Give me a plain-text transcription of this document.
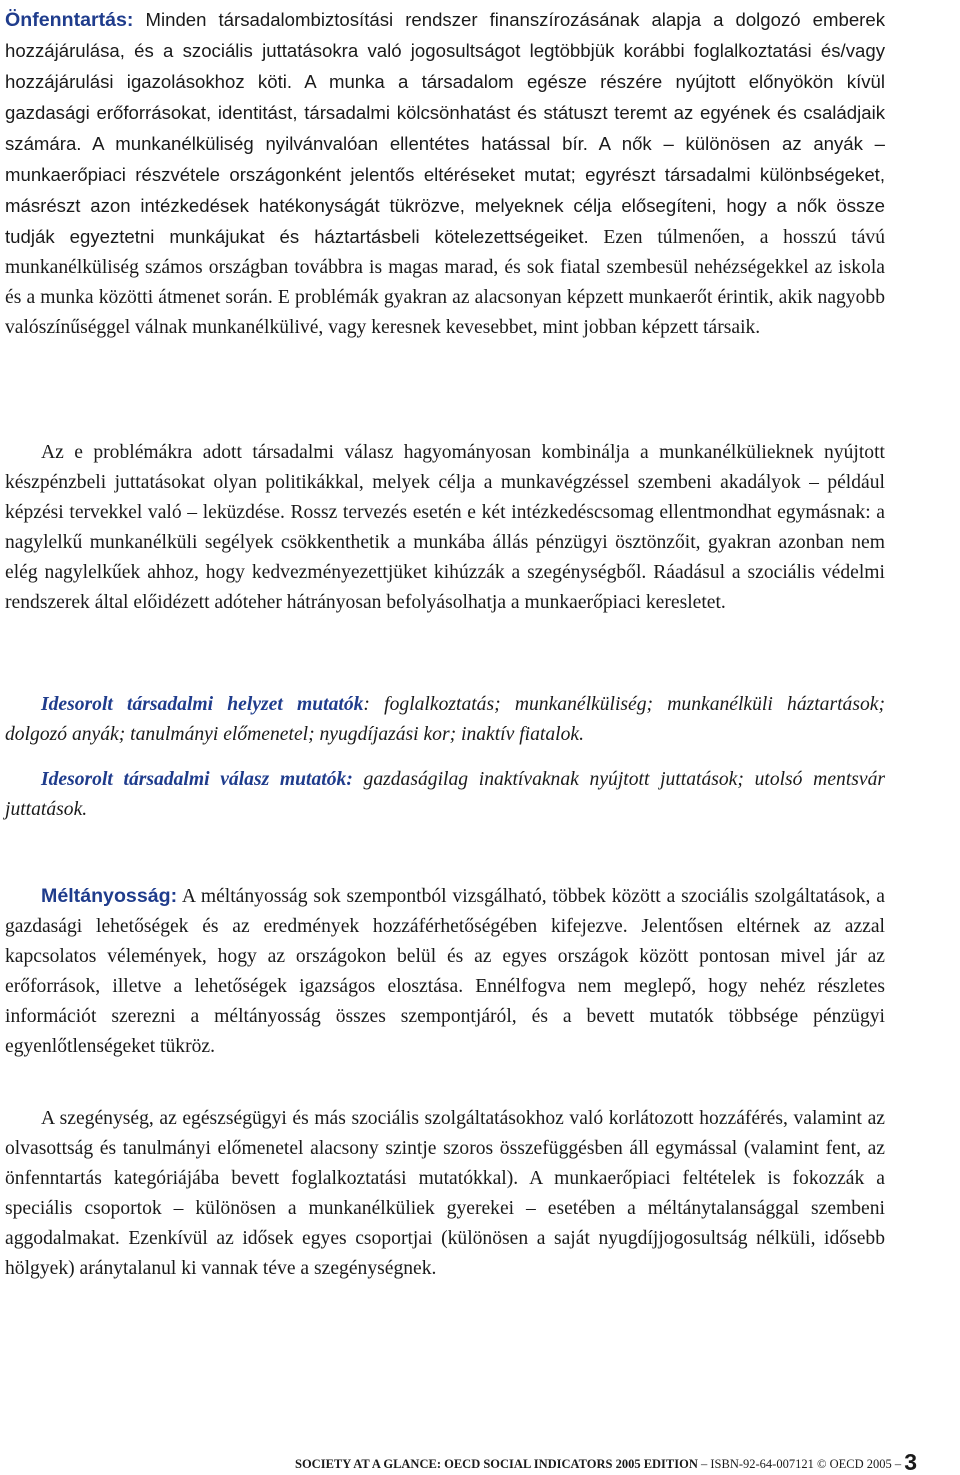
Önfenntartás: Minden társadalombiztosítási rendszer finanszírozásának alapja a dolgozó emberek hozzájárulása, és a szociális juttatásokra való jogosultságot legtöbbjük korábbi foglalkoztatási és/vagy hozzájárulási igazolásokhoz köti. A munka a társadalom egésze részére nyújtott előnyökön kívül gazdasági erőforrásokat, identitást, társadalmi kölcsönhatást és státuszt teremt az egyének és családjaik számára. A munkanélküliség nyilvánvalóan ellentétes hatással bír. A nők – különösen az anyák – munkaerőpiaci részvétele országonként jelentős eltéréseket mutat; egyrészt társadalmi különbségeket, másrészt azon intézkedések hatékonyságát tükrözve, melyeknek célja elősegíteni, hogy a nők össze tudják egyeztetni munkájukat és háztartásbeli kötelezettségeiket. Ezen túlmenően, a hosszú távú munkanélküliség számos országban továbbra is magas marad, és sok fiatal szembesül nehézségekkel az iskola és a munka közötti átmenet során. E problémák gyakran az alacsonyan képzett munkaerőt érintik, akik nagyobb valószínűséggel válnak munkanélkülivé, vagy keresnek kevesebbet, mint jobban képzett társaik.

Az e problémákra adott társadalmi válasz hagyományosan kombinálja a munkanélkülieknek nyújtott készpénzbeli juttatásokat olyan politikákkal, melyek célja a munkavégzéssel szembeni akadályok – például képzési tervekkel való – leküzdése. Rossz tervezés esetén e két intézkedéscsomag ellentmondhat egymásnak: a nagylelkű munkanélküli segélyek csökkenthetik a munkába állás pénzügyi ösztönzőit, gyakran azonban nem elég nagylelkűek ahhoz, hogy kedvezményezettjüket kihúzzák a szegénységből. Ráadásul a szociális védelmi rendszerek által előidézett adóteher hátrányosan befolyásolhatja a munkaerőpiaci keresletet.

Idesorolt társadalmi helyzet mutatók: foglalkoztatás; munkanélküliség; munkanélküli háztartások; dolgozó anyák; tanulmányi előmenetel; nyugdíjazási kor; inaktív fiatalok.

Idesorolt társadalmi válasz mutatók: gazdaságilag inaktívaknak nyújtott juttatások; utolsó mentsvár juttatások.

Méltányosság: A méltányosság sok szempontból vizsgálható, többek között a szociális szolgáltatások, a gazdasági lehetőségek és az eredmények hozzáférhetőségében kifejezve. Jelentősen eltérnek az azzal kapcsolatos vélemények, hogy az országokon belül és az egyes országok között pontosan mivel jár az erőforrások, illetve a lehetőségek igazságos elosztása. Ennélfogva nem meglepő, hogy nehéz részletes információt szerezni a méltányosság összes szempontjáról, és a bevett mutatók többsége pénzügyi egyenlőtlenségeket tükröz.

A szegénység, az egészségügyi és más szociális szolgáltatásokhoz való korlátozott hozzáférés, valamint az olvasottság és tanulmányi előmenetel alacsony szintje szoros összefüggésben áll egymással (valamint fent, az önfenntartás kategóriájába bevett foglalkoztatási mutatókkal). A munkaerőpiaci feltételek is fokozzák a speciális csoportok – különösen a munkanélküliek gyerekei – esetében a méltánytalansággal szembeni aggodalmakat. Ezenkívül az idősek egyes csoportjai (különösen a saját nyugdíjjogosultság nélküli, idősebb hölgyek) aránytalanul ki vannak téve a szegénységnek.

SOCIETY AT A GLANCE: OECD SOCIAL INDICATORS 2005 EDITION – ISBN-92-64-007121 © OECD 2005 – 3
